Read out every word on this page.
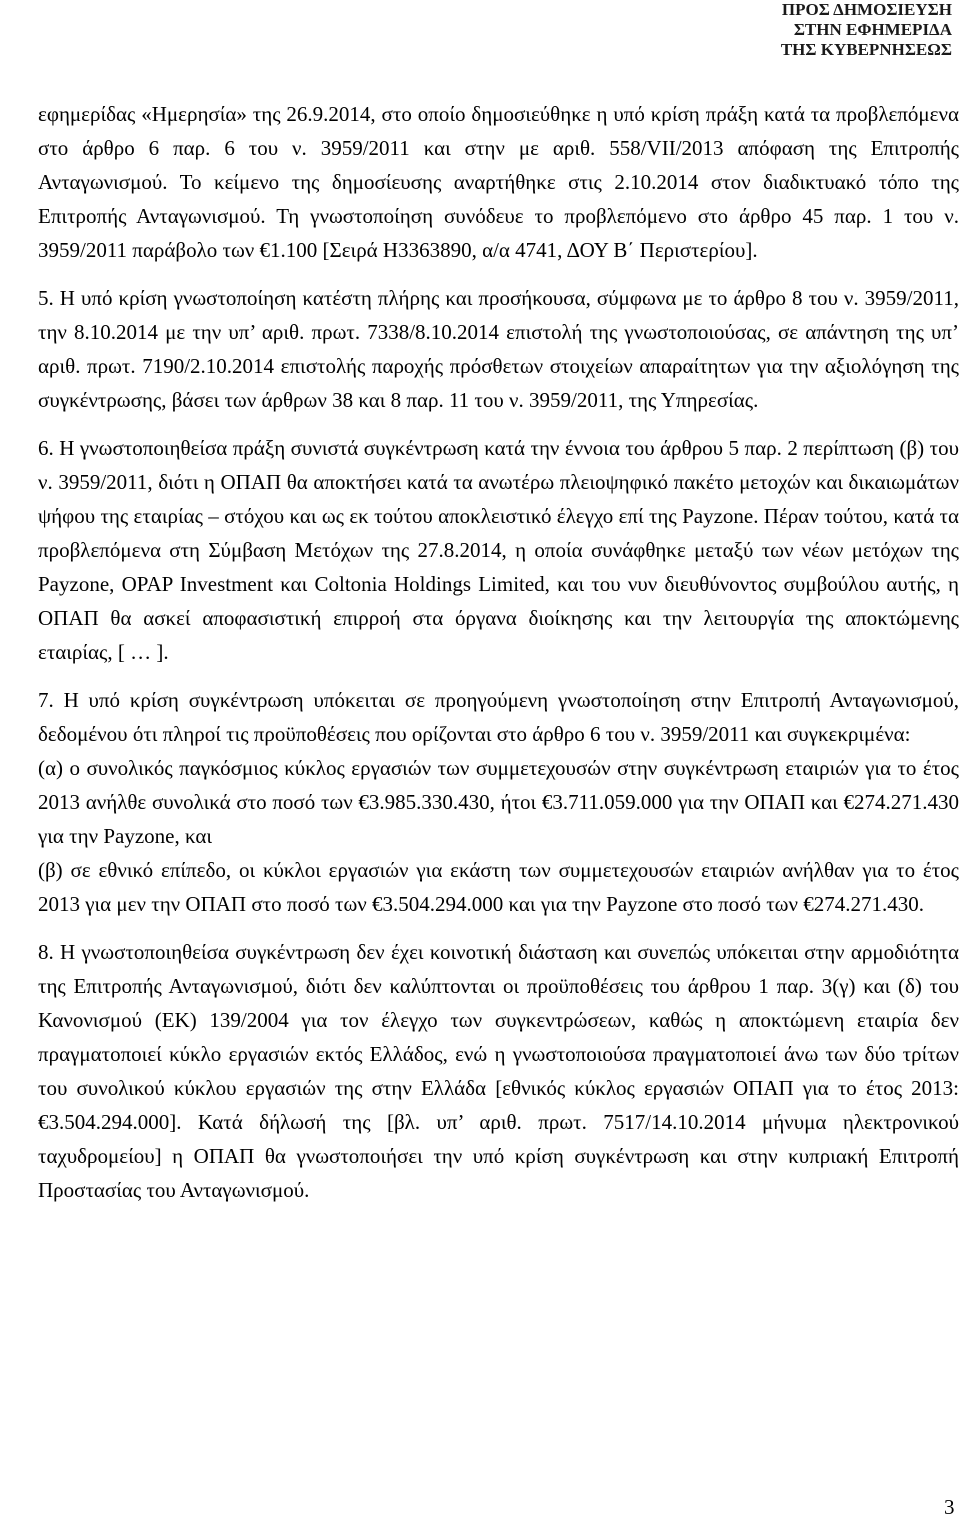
ΠΡΟΣ ΔΗΜΟΣΙΕΥΣΗ
ΣΤΗΝ ΕΦΗΜΕΡΙΔΑ
ΤΗΣ ΚΥΒΕΡΝΗΣΕΩΣ

εφημερίδας «Ημερησία» της 26.9.2014, στο οποίο δημοσιεύθηκε η υπό κρίση πράξη κατά τα προβλεπόμενα στο άρθρο 6 παρ. 6 του ν. 3959/2011 και στην με αριθ. 558/VII/2013 απόφαση της Επιτροπής Ανταγωνισμού. Το κείμενο της δημοσίευσης αναρτήθηκε στις 2.10.2014 στον διαδικτυακό τόπο της Επιτροπής Ανταγωνισμού. Τη γνωστοποίηση συνόδευε το προβλεπόμενο στο άρθρο 45 παρ. 1 του ν. 3959/2011 παράβολο των €1.100 [Σειρά Η3363890, α/α 4741, ΔΟΥ Β΄ Περιστερίου].

5. Η υπό κρίση γνωστοποίηση κατέστη πλήρης και προσήκουσα, σύμφωνα με το άρθρο 8 του ν. 3959/2011, την 8.10.2014 με την υπ’ αριθ. πρωτ. 7338/8.10.2014 επιστολή της γνωστοποιούσας, σε απάντηση της υπ’ αριθ. πρωτ. 7190/2.10.2014 επιστολής παροχής πρόσθετων στοιχείων απαραίτητων για την αξιολόγηση της συγκέντρωσης, βάσει των άρθρων 38 και 8 παρ. 11 του ν. 3959/2011, της Υπηρεσίας.

6. Η γνωστοποιηθείσα πράξη συνιστά συγκέντρωση κατά την έννοια του άρθρου 5 παρ. 2 περίπτωση (β) του ν. 3959/2011, διότι η ΟΠΑΠ θα αποκτήσει κατά τα ανωτέρω πλειοψηφικό πακέτο μετοχών και δικαιωμάτων ψήφου της εταιρίας – στόχου και ως εκ τούτου αποκλειστικό έλεγχο επί της Payzone. Πέραν τούτου, κατά τα προβλεπόμενα στη Σύμβαση Μετόχων της 27.8.2014, η οποία συνάφθηκε μεταξύ των νέων μετόχων της Payzone, OPAP Investment και Coltonia Holdings Limited, και του νυν διευθύνοντος συμβούλου αυτής, η ΟΠΑΠ θα ασκεί αποφασιστική επιρροή στα όργανα διοίκησης και την λειτουργία της αποκτώμενης εταιρίας, [ … ].

7. Η υπό κρίση συγκέντρωση υπόκειται σε προηγούμενη γνωστοποίηση στην Επιτροπή Ανταγωνισμού, δεδομένου ότι πληροί τις προϋποθέσεις που ορίζονται στο άρθρο 6 του ν. 3959/2011 και συγκεκριμένα:

(α) ο συνολικός παγκόσμιος κύκλος εργασιών των συμμετεχουσών στην συγκέντρωση εταιριών για το έτος 2013 ανήλθε συνολικά στο ποσό των €3.985.330.430, ήτοι €3.711.059.000 για την ΟΠΑΠ και €274.271.430 για την Payzone, και

(β) σε εθνικό επίπεδο, οι κύκλοι εργασιών για εκάστη των συμμετεχουσών εταιριών ανήλθαν για το έτος 2013 για μεν την ΟΠΑΠ στο ποσό των €3.504.294.000 και για την Payzone στο ποσό των €274.271.430.

8. Η γνωστοποιηθείσα συγκέντρωση δεν έχει κοινοτική διάσταση και συνεπώς υπόκειται στην αρμοδιότητα της Επιτροπής Ανταγωνισμού, διότι δεν καλύπτονται οι προϋποθέσεις του άρθρου 1 παρ. 3(γ) και (δ) του Κανονισμού (ΕΚ) 139/2004 για τον έλεγχο των συγκεντρώσεων, καθώς η αποκτώμενη εταιρία δεν πραγματοποιεί κύκλο εργασιών εκτός Ελλάδος, ενώ η γνωστοποιούσα πραγματοποιεί άνω των δύο τρίτων του συνολικού κύκλου εργασιών της στην Ελλάδα [εθνικός κύκλος εργασιών ΟΠΑΠ για το έτος 2013: €3.504.294.000]. Κατά δήλωσή της [βλ. υπ’ αριθ. πρωτ. 7517/14.10.2014 μήνυμα ηλεκτρονικού ταχυδρομείου] η ΟΠΑΠ θα γνωστοποιήσει την υπό κρίση συγκέντρωση και στην κυπριακή Επιτροπή Προστασίας του Ανταγωνισμού.

3
